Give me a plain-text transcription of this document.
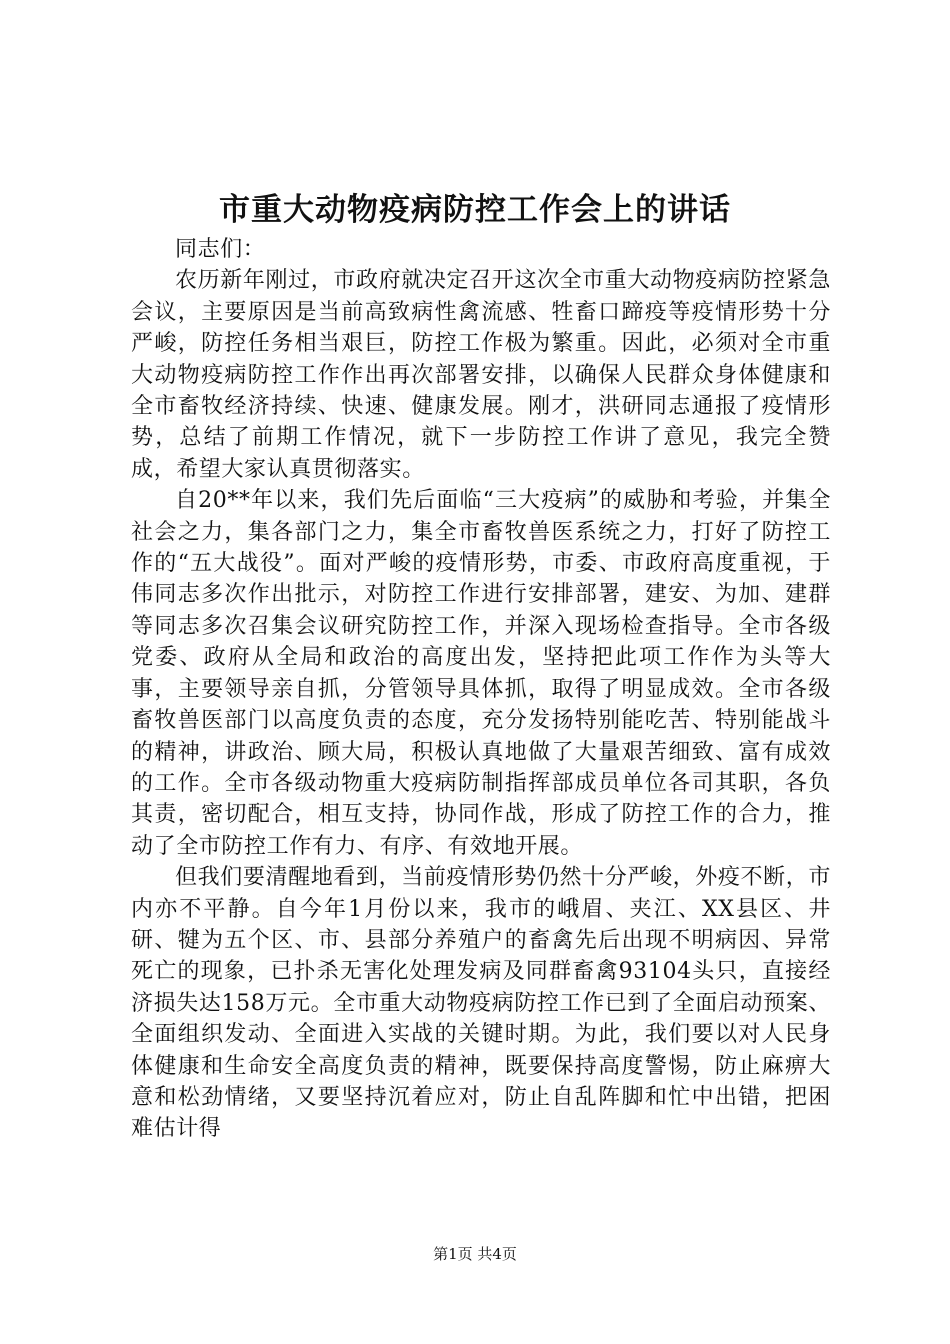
市重大动物疫病防控工作会上的讲话

同志们：

农历新年刚过，市政府就决定召开这次全市重大动物疫病防控紧急会议，主要原因是当前高致病性禽流感、牲畜口蹄疫等疫情形势十分严峻，防控任务相当艰巨，防控工作极为繁重。因此，必须对全市重大动物疫病防控工作作出再次部署安排，以确保人民群众身体健康和全市畜牧经济持续、快速、健康发展。刚才，洪研同志通报了疫情形势，总结了前期工作情况，就下一步防控工作讲了意见，我完全赞成，希望大家认真贯彻落实。

自20**年以来，我们先后面临“三大疫病”的威胁和考验，并集全社会之力，集各部门之力，集全市畜牧兽医系统之力，打好了防控工作的“五大战役”。面对严峻的疫情形势，市委、市政府高度重视，于伟同志多次作出批示，对防控工作进行安排部署，建安、为加、建群等同志多次召集会议研究防控工作，并深入现场检查指导。全市各级党委、政府从全局和政治的高度出发，坚持把此项工作作为头等大事，主要领导亲自抓，分管领导具体抓，取得了明显成效。全市各级畜牧兽医部门以高度负责的态度，充分发扬特别能吃苦、特别能战斗的精神，讲政治、顾大局，积极认真地做了大量艰苦细致、富有成效的工作。全市各级动物重大疫病防制指挥部成员单位各司其职，各负其责，密切配合，相互支持，协同作战，形成了防控工作的合力，推动了全市防控工作有力、有序、有效地开展。

但我们要清醒地看到，当前疫情形势仍然十分严峻，外疫不断，市内亦不平静。自今年1月份以来，我市的峨眉、夹江、XX县区、井研、犍为五个区、市、县部分养殖户的畜禽先后出现不明病因、异常死亡的现象，已扑杀无害化处理发病及同群畜禽93104头只，直接经济损失达158万元。全市重大动物疫病防控工作已到了全面启动预案、全面组织发动、全面进入实战的关键时期。为此，我们要以对人民身体健康和生命安全高度负责的精神，既要保持高度警惕，防止麻痹大意和松劲情绪，又要坚持沉着应对，防止自乱阵脚和忙中出错，把困难估计得

第1页 共4页
